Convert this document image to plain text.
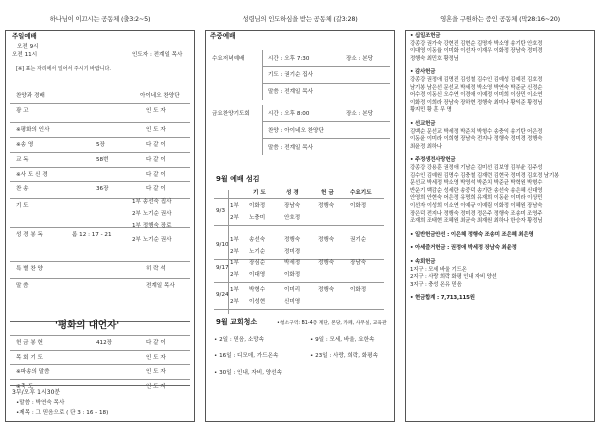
하나님이 이끄시는 공동체 (출3:2~5)
주일예배
오전 9시
오전 11시	인도자 : 전계일 목사
[※] 표는 자리에서 일어서 주시기 바랍니다.
찬양과 경배	아이네오 찬양단
광 고	인 도 자
※평화의 인사	인 도 자
※송 영	5장	다 같 이
교 독	58번	다 같 이
※사 도 신 경	다 같 이
찬 송	36장	다 같 이
기 도
1부 송선숙 집사
2부 노기순 권사
성 경 봉 독	롬 12 : 17 - 21
1부 정행숙 장로
2부 노기순 권사
특 별 찬 양	히 락 석
말 씀	전계일 목사
'평화의 대언자'
헌 금 봉 헌	412장	다 같 이
목 회 기 도	인 도 자
※파송의 말씀	인 도 자
※축 도	인 도 자
3부/오후 1시30분
•말씀 : 박연숙 목사
•제목 : 그 믿음으로 ( 단 3 : 16 - 18)
성령님의 인도하심을 받는 공동체 (갈3:28)
주중예배
수요저녁예배	시간 : 오후 7:30	장소 : 본당
기도 : 권기순 집사
말씀 : 전계일 목사
금요찬양기도회	시간 : 오후 8:00	장소 : 본당
찬양 : 아이네오 찬양단
말씀 : 전계일 목사
9월 예배 섬김
기 도	성 경	헌 금	수요기도
9/3
1부 이화정	장남숙	정행숙	이화정
2부 노충미	안호정
9/10
1부 송선숙	정행숙	정행숙	권기순
2부 노기순	정미경
9/17
1부 장심순	박세정	정행숙	장남숙
2부 이대영	이화정
9/24
1부 박형수	이미리	정행숙	이화정
2부 이성현	신미영
9월 교회청소	•청소구역: B1-4층 계단, 본당, 카페, 사무실, 교육관
• 2일 : 믿음, 소망속	• 9일 : 모세, 바울, 요한속
• 16일 : 디모데, 가드온속	• 23일 : 사랑, 희락, 화평속
• 30일 : 인내, 자비, 양선속
영혼을 구원하는 증인 공동체 (막28:16~20)
• 십일조헌금
강종강 권가숙 강현진 김현순 김명자 박소영 송기탄 안호정
이대영 이동율 이미화 이선자 이재우 이화정 장남숙 정미경
정행숙 최민호 황정님
• 감사헌금
강종강 권정애 김명진 김성철 김수인 김예성 김예진 김호정
남기봉 남은선 문선교 박세정 박소영 박연숙 박준균 신정순
어수경 이동신 오수연 이경애 이예정 이미희 이상민 이소연
이화정 이희라 장남숙 장하현 정행숙 최미나 황익준 황정님
황지민 황 훈 무 명
• 선교헌금
김백순 문선교 박세정 박준치 박형수 송충익 송기탄 어은정
이동윤 이미라 이희형 장남숙 전지나 정행숙 정미경 정행숙
최윤정 최하나
• 주정생전사랑헌금
강종강 강용훈 권정애 기남순 김미선 김보영 김부윤 김주성
김수인 김예원 김명수 김충철 김재련 김현국 정미경 김호정 남기봉
문선교 박세정 박소영 박영석 박준치 박준균 박혁원 박형수
반운기 백감순 성세란 송중덕 송기란 송선숙 송은혜 신대영
안영희 안현숙 어은정 유명희 유재희 이동윤 이미라 이상민
이선자 이성희 이소연 이예규 이예림 이화정 이혜원 장남숙
장은덕 전지나 정행숙 정미경 정은주 정행숙 조송미 조영주
조재희 조태현 조혜원 최균숙 최재원 최하나 한승자 황정님
• 일반헌금안선 : 이은혜 정행숙 조송미 조은혜 최은영
• 아세즐거헌금 : 권정애 박세정 장남숙 최윤정
• 속회헌금
1지구 : 모세 바울 기드온
2지구 : 사랑 희락 화평 인내 자비 양선
3지구 : 충성 온유 믿음
• 현금합계 : 7,713,115원
